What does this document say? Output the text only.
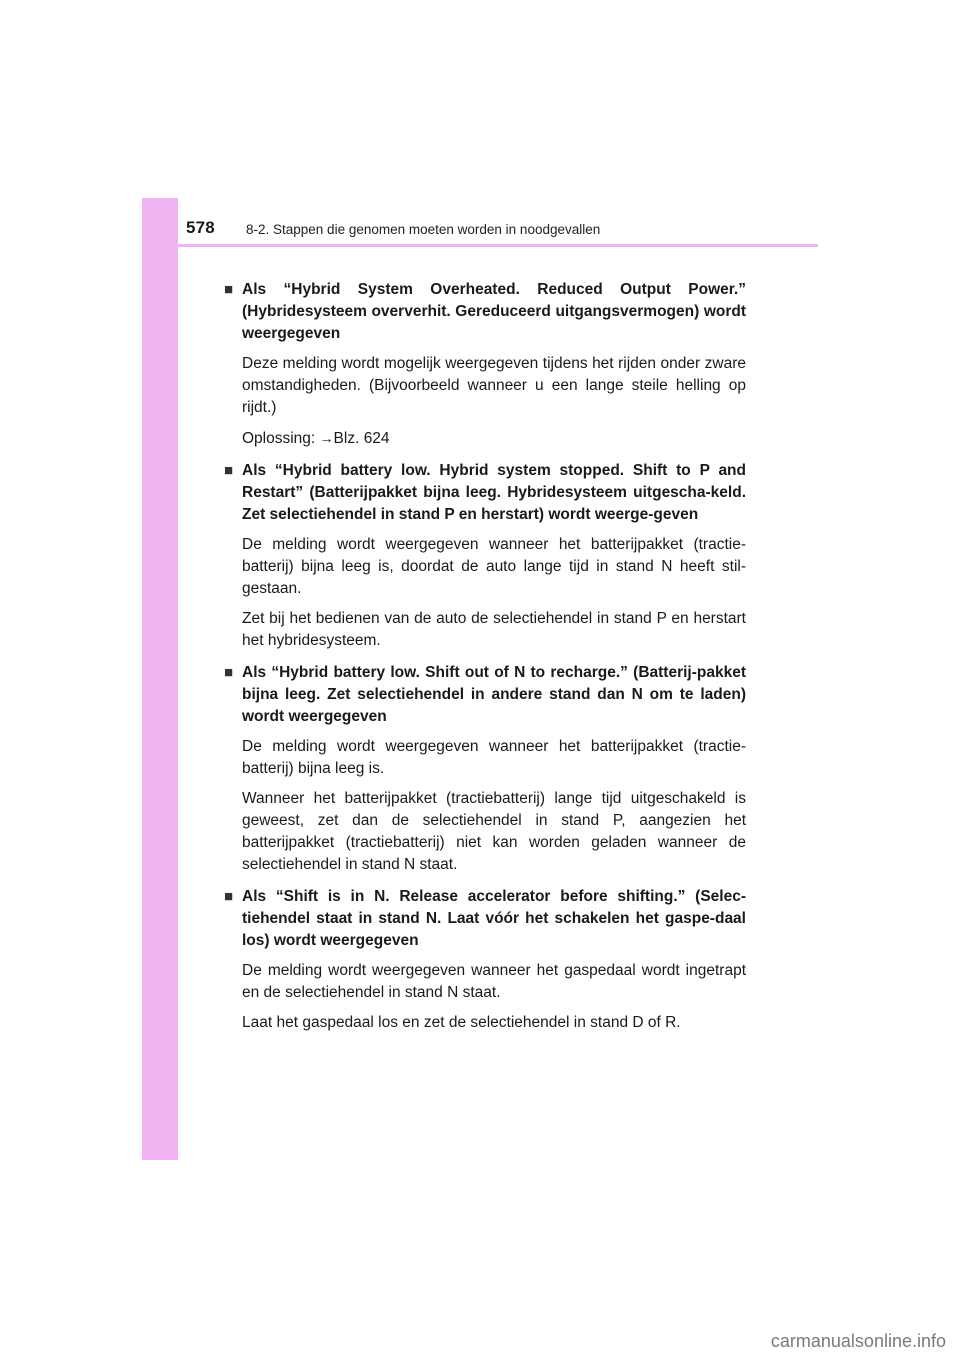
578 8-2. Stappen die genomen moeten worden in noodgevallen
■ Als “Hybrid System Overheated. Reduced Output Power.” (Hybridesysteem oververhit. Gereduceerd uitgangsvermogen) wordt weergegeven
Deze melding wordt mogelijk weergegeven tijdens het rijden onder zware omstandigheden. (Bijvoorbeeld wanneer u een lange steile helling op rijdt.)
Oplossing: →Blz. 624
■ Als “Hybrid battery low. Hybrid system stopped. Shift to P and Restart” (Batterijpakket bijna leeg. Hybridesysteem uitgescha-keld. Zet selectiehendel in stand P en herstart) wordt weerge-geven
De melding wordt weergegeven wanneer het batterijpakket (tractie-batterij) bijna leeg is, doordat de auto lange tijd in stand N heeft stil-gestaan.
Zet bij het bedienen van de auto de selectiehendel in stand P en herstart het hybridesysteem.
■ Als “Hybrid battery low. Shift out of N to recharge.” (Batterij-pakket bijna leeg. Zet selectiehendel in andere stand dan N om te laden) wordt weergegeven
De melding wordt weergegeven wanneer het batterijpakket (tractie-batterij) bijna leeg is.
Wanneer het batterijpakket (tractiebatterij) lange tijd uitgeschakeld is geweest, zet dan de selectiehendel in stand P, aangezien het batterijpakket (tractiebatterij) niet kan worden geladen wanneer de selectiehendel in stand N staat.
■ Als “Shift is in N. Release accelerator before shifting.” (Selec-tiehendel staat in stand N. Laat vóór het schakelen het gaspe-daal los) wordt weergegeven
De melding wordt weergegeven wanneer het gaspedaal wordt ingetrapt en de selectiehendel in stand N staat.
Laat het gaspedaal los en zet de selectiehendel in stand D of R.
carmanualsonline.info
